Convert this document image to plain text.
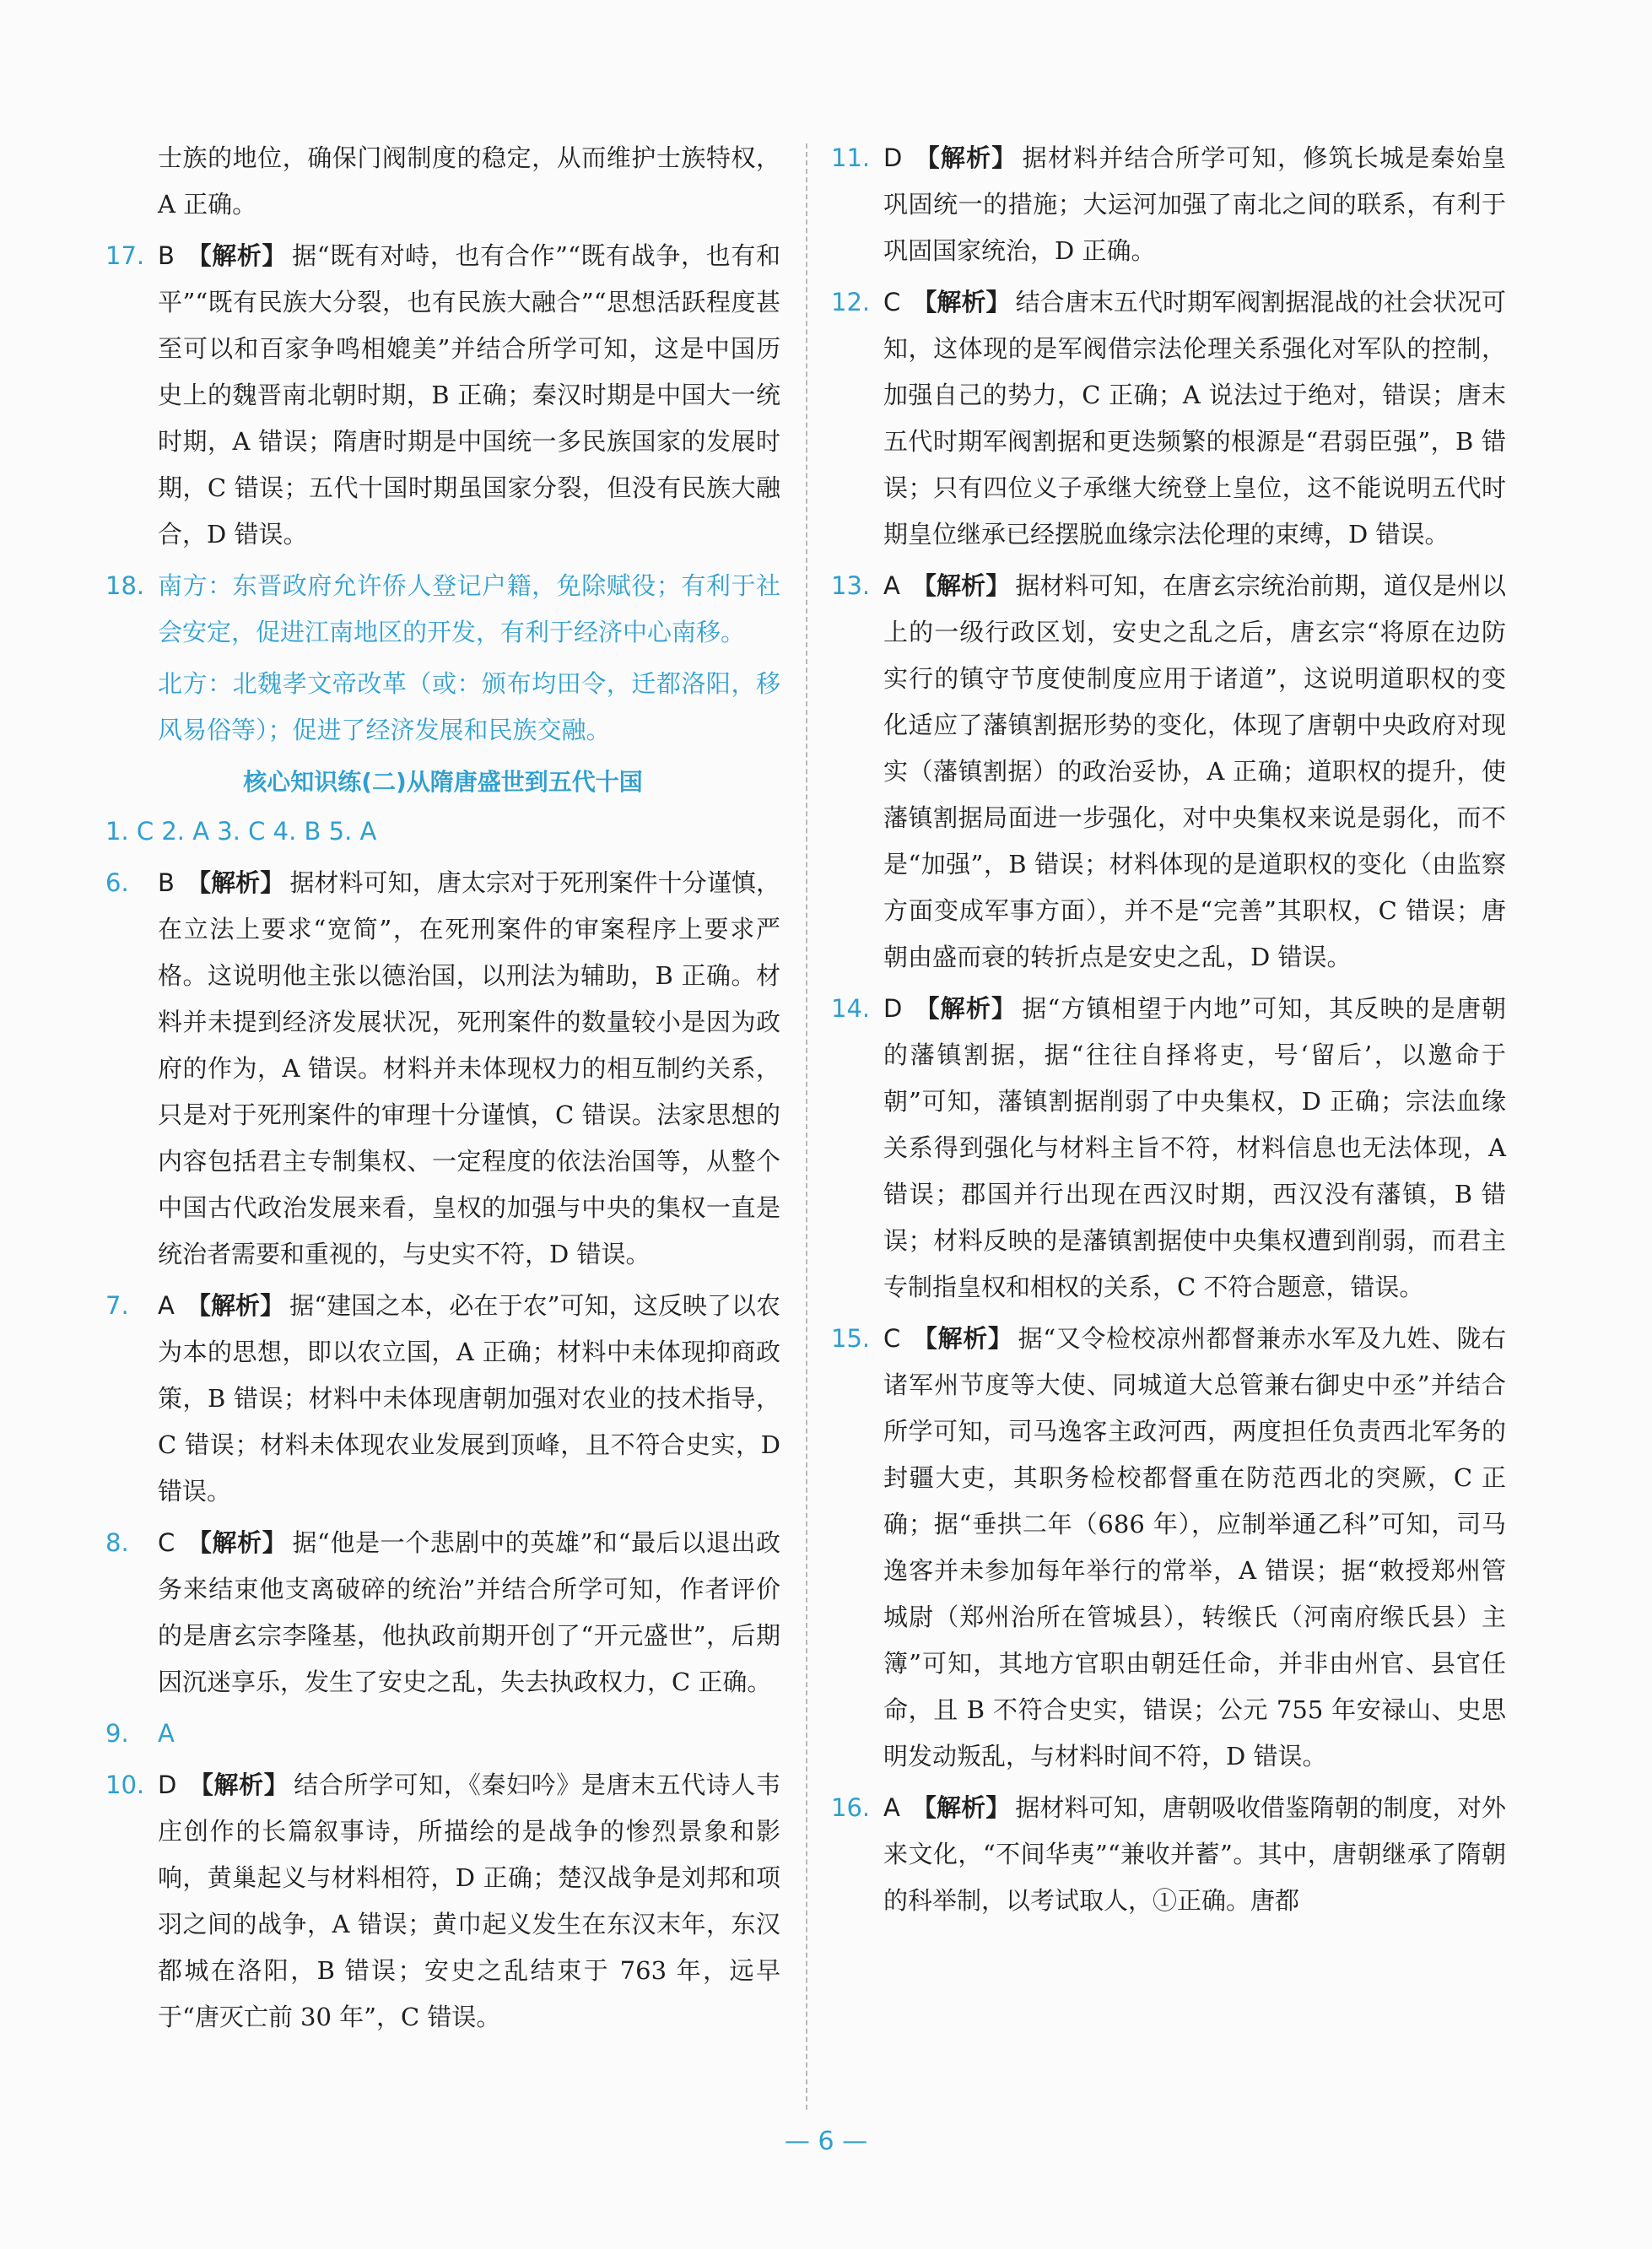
士族的地位，确保门阀制度的稳定，从而维护士族特权，A 正确。
17. B 【解析】 据“既有对峙，也有合作”“既有战争，也有和平”“既有民族大分裂，也有民族大融合”“思想活跃程度甚至可以和百家争鸣相媲美”并结合所学可知，这是中国历史上的魏晋南北朝时期，B 正确；秦汉时期是中国大一统时期，A 错误；隋唐时期是中国统一多民族国家的发展时期，C 错误；五代十国时期虽国家分裂，但没有民族大融合，D 错误。
18. 南方：东晋政府允许侨人登记户籍，免除赋役；有利于社会安定，促进江南地区的开发，有利于经济中心南移。
北方：北魏孝文帝改革（或：颁布均田令，迁都洛阳，移风易俗等）；促进了经济发展和民族交融。
核心知识练(二)从隋唐盛世到五代十国
1. C 2. A 3. C 4. B 5. A
6. B 【解析】 据材料可知，唐太宗对于死刑案件十分谨慎，在立法上要求“宽简”，在死刑案件的审案程序上要求严格。这说明他主张以德治国，以刑法为辅助，B 正确。材料并未提到经济发展状况，死刑案件的数量较小是因为政府的作为，A 错误。材料并未体现权力的相互制约关系，只是对于死刑案件的审理十分谨慎，C 错误。法家思想的内容包括君主专制集权、一定程度的依法治国等，从整个中国古代政治发展来看，皇权的加强与中央的集权一直是统治者需要和重视的，与史实不符，D 错误。
7. A 【解析】 据“建国之本，必在于农”可知，这反映了以农为本的思想，即以农立国，A 正确；材料中未体现抑商政策，B 错误；材料中未体现唐朝加强对农业的技术指导，C 错误；材料未体现农业发展到顶峰，且不符合史实，D 错误。
8. C 【解析】 据“他是一个悲剧中的英雄”和“最后以退出政务来结束他支离破碎的统治”并结合所学可知，作者评价的是唐玄宗李隆基，他执政前期开创了“开元盛世”，后期因沉迷享乐，发生了安史之乱，失去执政权力，C 正确。
9. A
10. D 【解析】 结合所学可知，《秦妇吟》是唐末五代诗人韦庄创作的长篇叙事诗，所描绘的是战争的惨烈景象和影响，黄巢起义与材料相符，D 正确；楚汉战争是刘邦和项羽之间的战争，A 错误；黄巾起义发生在东汉末年，东汉都城在洛阳，B 错误；安史之乱结束于 763 年，远早于“唐灭亡前 30 年”，C 错误。
11. D 【解析】 据材料并结合所学可知，修筑长城是秦始皇巩固统一的措施；大运河加强了南北之间的联系，有利于巩固国家统治，D 正确。
12. C 【解析】 结合唐末五代时期军阀割据混战的社会状况可知，这体现的是军阀借宗法伦理关系强化对军队的控制，加强自己的势力，C 正确；A 说法过于绝对，错误；唐末五代时期军阀割据和更迭频繁的根源是“君弱臣强”，B 错误；只有四位义子承继大统登上皇位，这不能说明五代时期皇位继承已经摆脱血缘宗法伦理的束缚，D 错误。
13. A 【解析】 据材料可知，在唐玄宗统治前期，道仅是州以上的一级行政区划，安史之乱之后，唐玄宗“将原在边防实行的镇守节度使制度应用于诸道”，这说明道职权的变化适应了藩镇割据形势的变化，体现了唐朝中央政府对现实（藩镇割据）的政治妥协，A 正确；道职权的提升，使藩镇割据局面进一步强化，对中央集权来说是弱化，而不是“加强”，B 错误；材料体现的是道职权的变化（由监察方面变成军事方面），并不是“完善”其职权，C 错误；唐朝由盛而衰的转折点是安史之乱，D 错误。
14. D 【解析】 据“方镇相望于内地”可知，其反映的是唐朝的藩镇割据，据“往往自择将吏，号‘留后’，以邀命于朝”可知，藩镇割据削弱了中央集权，D 正确；宗法血缘关系得到强化与材料主旨不符，材料信息也无法体现，A 错误；郡国并行出现在西汉时期，西汉没有藩镇，B 错误；材料反映的是藩镇割据使中央集权遭到削弱，而君主专制指皇权和相权的关系，C 不符合题意，错误。
15. C 【解析】 据“又令检校凉州都督兼赤水军及九姓、陇右诸军州节度等大使、同城道大总管兼右御史中丞”并结合所学可知，司马逸客主政河西，两度担任负责西北军务的封疆大吏，其职务检校都督重在防范西北的突厥，C 正确；据“垂拱二年（686 年），应制举通乙科”可知，司马逸客并未参加每年举行的常举，A 错误；据“敕授郑州管城尉（郑州治所在管城县），转缑氏（河南府缑氏县）主簿”可知，其地方官职由朝廷任命，并非由州官、县官任命，且 B 不符合史实，错误；公元 755 年安禄山、史思明发动叛乱，与材料时间不符，D 错误。
16. A 【解析】 据材料可知，唐朝吸收借鉴隋朝的制度，对外来文化，“不间华夷”“兼收并蓄”。其中，唐朝继承了隋朝的科举制，以考试取人，①正确。唐都
— 6 —
